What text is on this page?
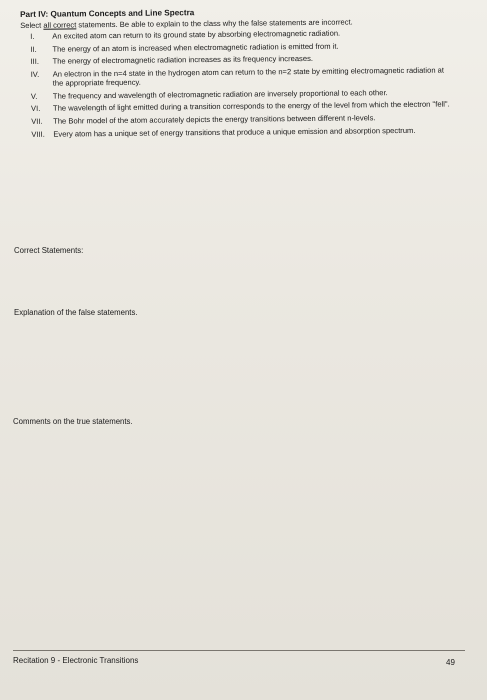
Part IV: Quantum Concepts and Line Spectra
Select all correct statements. Be able to explain to the class why the false statements are incorrect.
I.	An excited atom can return to its ground state by absorbing electromagnetic radiation.
II.	The energy of an atom is increased when electromagnetic radiation is emitted from it.
III.	The energy of electromagnetic radiation increases as its frequency increases.
IV.	An electron in the n=4 state in the hydrogen atom can return to the n=2 state by emitting electromagnetic radiation at the appropriate frequency.
V.	The frequency and wavelength of electromagnetic radiation are inversely proportional to each other.
VI.	The wavelength of light emitted during a transition corresponds to the energy of the level from which the electron "fell".
VII.	The Bohr model of the atom accurately depicts the energy transitions between different n-levels.
VIII.	Every atom has a unique set of energy transitions that produce a unique emission and absorption spectrum.
Correct Statements:
Explanation of the false statements.
Comments on the true statements.
Recitation 9 - Electronic Transitions	49
